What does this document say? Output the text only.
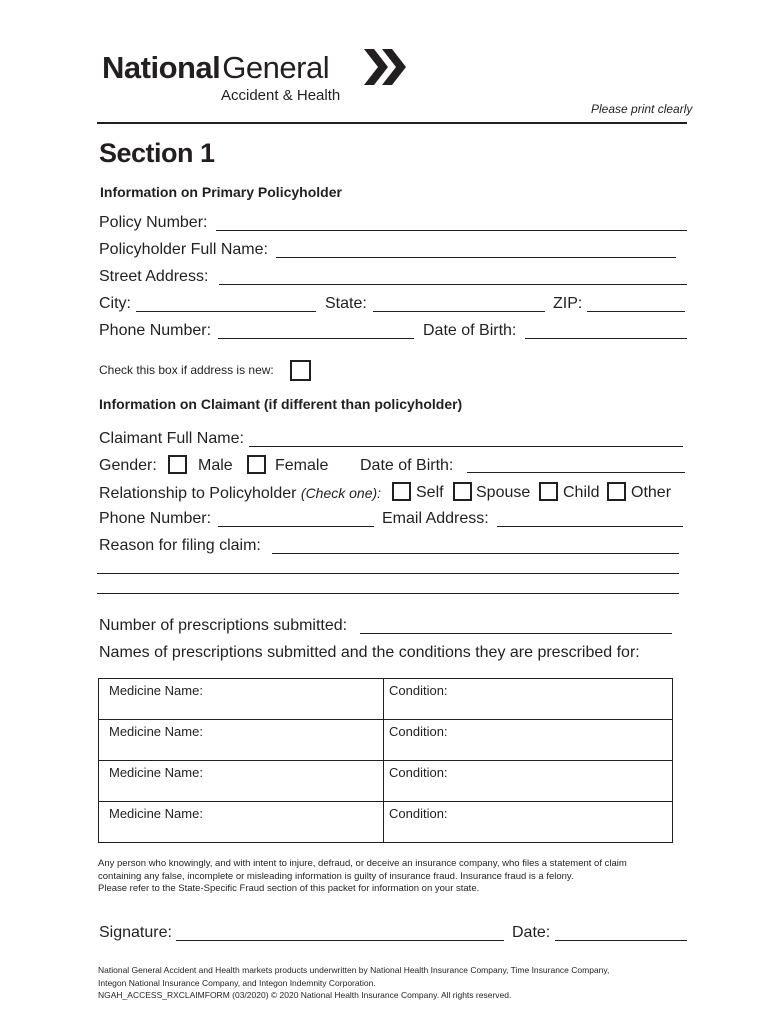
NationalGeneral
Accident & Health
Please print clearly
Section 1
Information on Primary Policyholder
Policy Number:
Policyholder Full Name:
Street Address:
City:	State:	ZIP:
Phone Number:	Date of Birth:
Check this box if address is new:
Information on Claimant (if different than policyholder)
Claimant Full Name:
Gender:	Male	Female Date of Birth:
Relationship to Policyholder (Check one): Self Spouse Child Other
Phone Number:	Email Address:
Reason for filing claim:
Number of prescriptions submitted:
Names of prescriptions submitted and the conditions they are prescribed for:
Medicine Name:	Condition:
Medicine Name:	Condition:
Medicine Name:	Condition:
Medicine Name:	Condition:
Any person who knowingly, and with intent to injure, defraud, or deceive an insurance company, who files a statement of claim
containing any false, incomplete or misleading information is guilty of insurance fraud. Insurance fraud is a felony.
Please refer to the State-Specific Fraud section of this packet for information on your state.
Signature:	Date:
National General Accident and Health markets products underwritten by National Health Insurance Company, Time Insurance Company,
Integon National Insurance Company, and Integon Indemnity Corporation.
NGAH_ACCESS_RXCLAIMFORM (03/2020) © 2020 National Health Insurance Company. All rights reserved.
